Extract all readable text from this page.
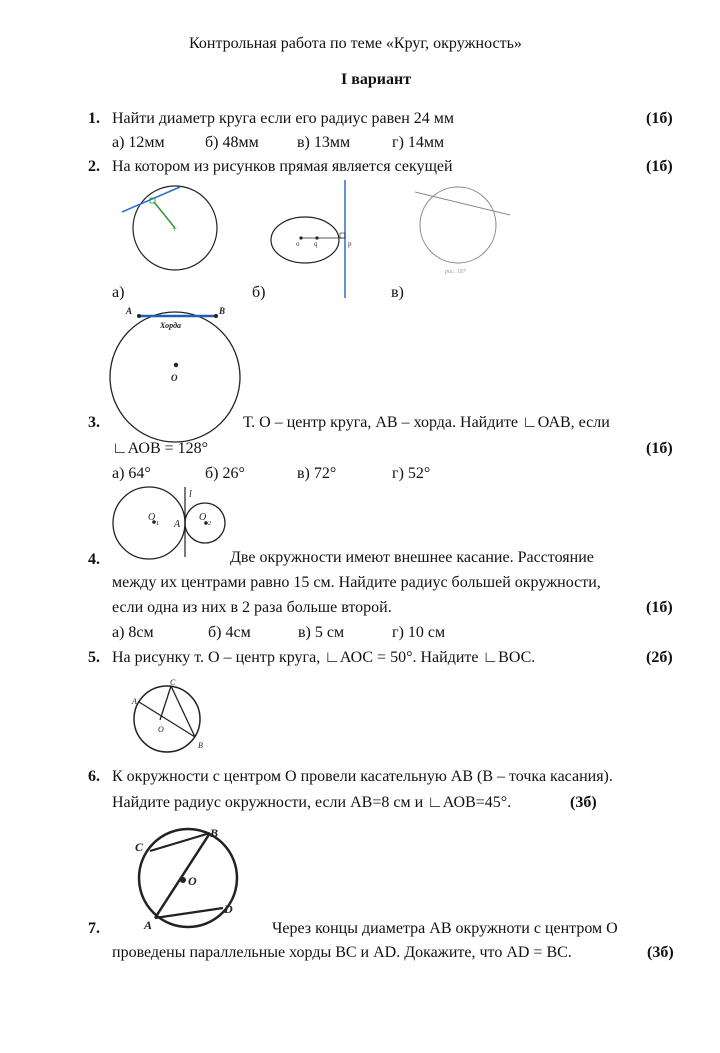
Контрольная работа по теме «Круг, окружность»
I вариант
1. Найти диаметр круга если его радиус равен 24 мм	(1б)
а) 12мм	б) 48мм в) 13мм	г) 14мм
2. На котором из рисунков прямая является секущей	(1б)
+
o q	p
рис. 187
а)	б)	в)
A	B
Хорда
O
3.	Т. О – центр круга, АВ – хорда. Найдите ∟ОАВ, если
∟АОВ = 128°	(1б)
а) 64°	б) 26°	в) 72°	г) 52°
l
O
1 A
O
2
4.	Две окружности имеют внешнее касание. Расстояние
между их центрами равно 15 см. Найдите радиус большей окружности,
если одна из них в 2 раза больше второй.	(1б)
а) 8см	б) 4см	в) 5 см	г) 10 см
5. На рисунку т. О – центр круга, ∟АОС = 50°. Найдите ∟ВОС.	(2б)
A
C
O
B
6. К окружности с центром О провели касательную АВ (В – точка касания).
Найдите радиус окружности, если АВ=8 см и ∟АОВ=45°.	(3б)
C
B
O
D
A
7.	Через концы диаметра АВ окружноти с центром О
проведены параллельные хорды ВС и АD. Докажите, что АD = ВС.	(3б)
